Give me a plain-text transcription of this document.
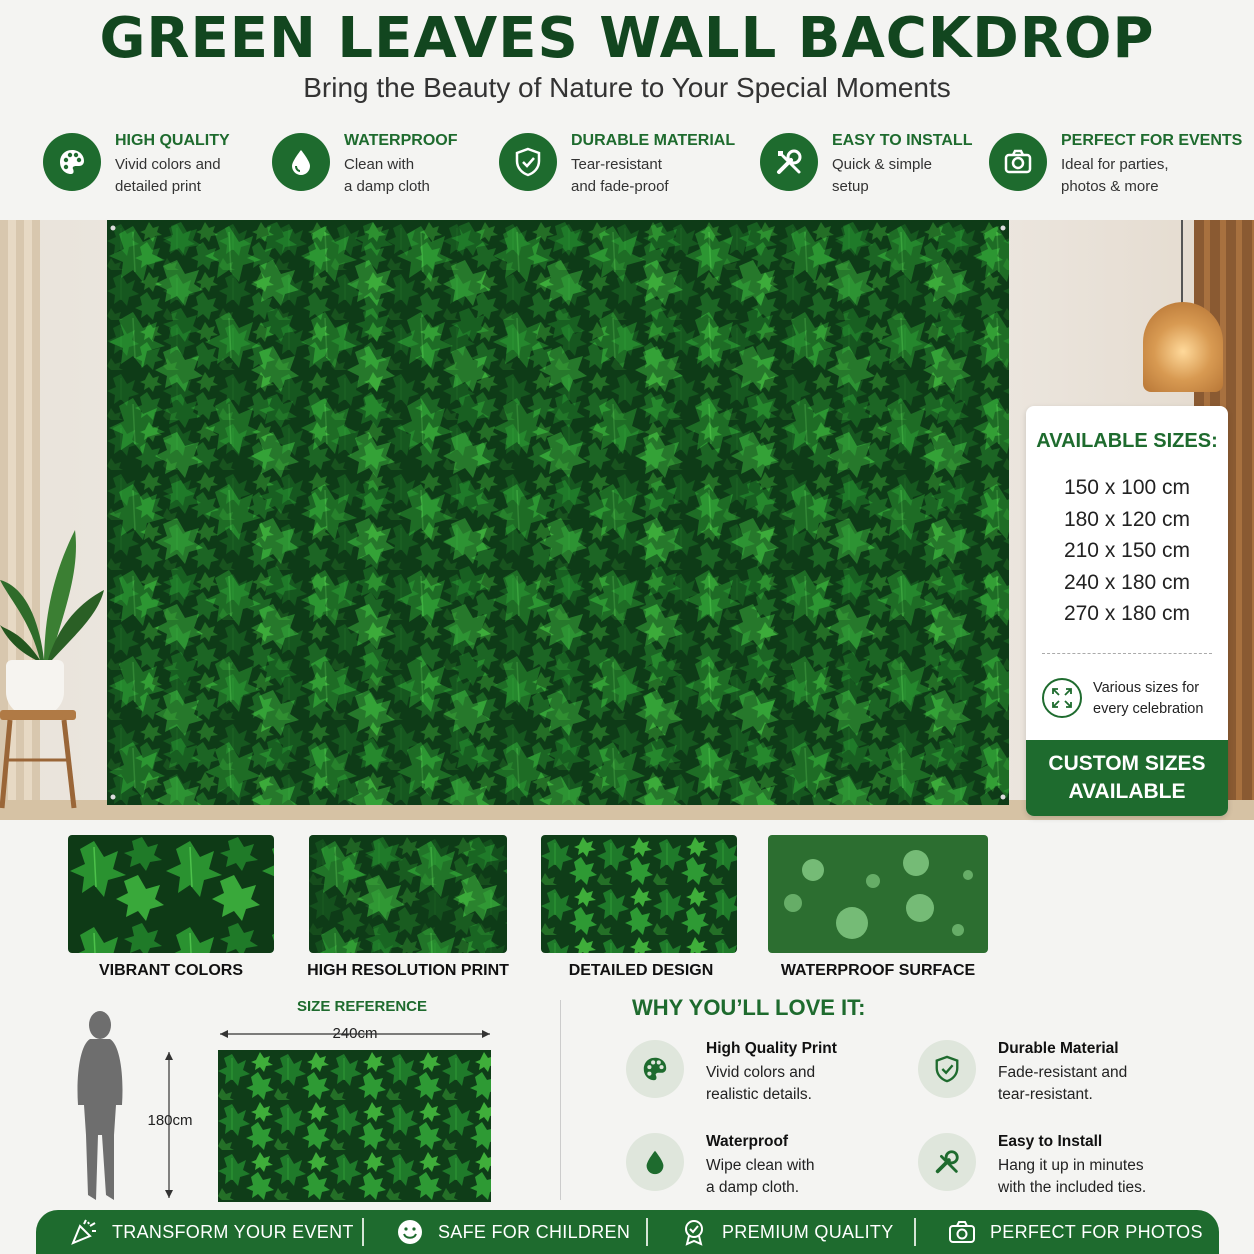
GREEN LEAVES WALL BACKDROP
Bring the Beauty of Nature to Your Special Moments
HIGH QUALITY
Vivid colors and
detailed print
WATERPROOF
Clean with
a damp cloth
DURABLE MATERIAL
Tear-resistant
and fade-proof
EASY TO INSTALL
Quick & simple
setup
PERFECT FOR EVENTS
Ideal for parties,
photos & more
AVAILABLE SIZES:
150 x 100 cm
180 x 120 cm
210 x 150 cm
240 x 180 cm
270 x 180 cm
Various sizes for
every celebration
CUSTOM SIZES
AVAILABLE
VIBRANT COLORS	HIGH RESOLUTION PRINT	DETAILED DESIGN	WATERPROOF SURFACE
SIZE REFERENCE
240cm
180cm
WHY YOU’LL LOVE IT:
High Quality Print
Vivid colors and
realistic details.
Durable Material
Fade-resistant and
tear-resistant.
Waterproof
Wipe clean with
a damp cloth.
Easy to Install
Hang it up in minutes
with the included ties.
TRANSFORM YOUR EVENT	SAFE FOR CHILDREN	PREMIUM QUALITY	PERFECT FOR PHOTOS
